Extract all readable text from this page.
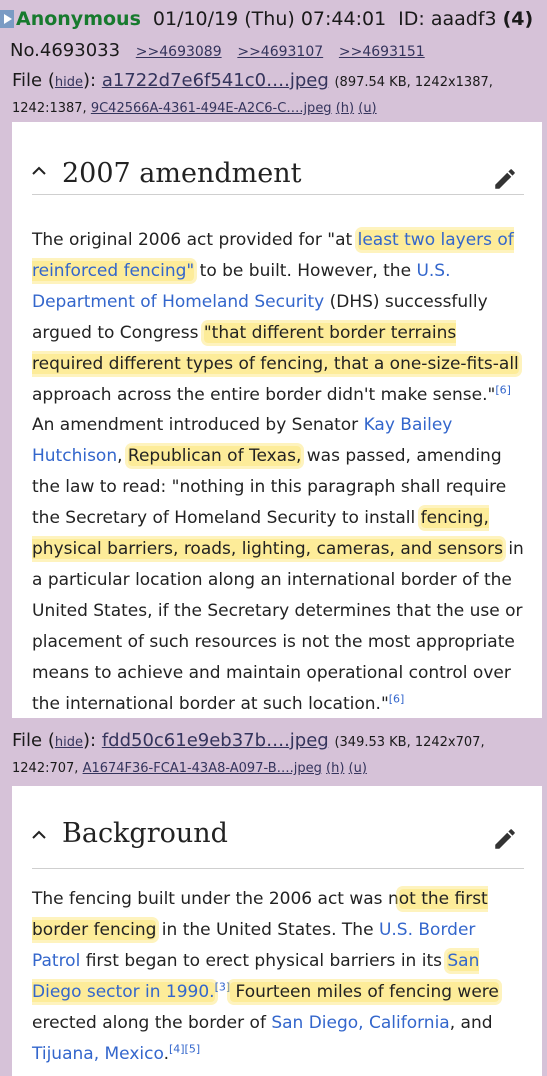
Anonymous 01/10/19 (Thu) 07:44:01 ID: aaadf3 (4)
No.4693033 >>4693089 >>4693107 >>4693151
File (hide): a1722d7e6f541c0….jpeg (897.54 KB, 1242x1387,
1242:1387, 9C42566A-4361-494E-A2C6-C….jpeg (h) (u)
2007 amendment

The original 2006 act provided for "at least two layers of reinforced fencing" to be built. However, the U.S. Department of Homeland Security (DHS) successfully argued to Congress "that different border terrains required different types of fencing, that a one-size-fits-all approach across the entire border didn't make sense."[6] An amendment introduced by Senator Kay Bailey Hutchison, Republican of Texas, was passed, amending the law to read: "nothing in this paragraph shall require the Secretary of Homeland Security to install fencing, physical barriers, roads, lighting, cameras, and sensors in a particular location along an international border of the United States, if the Secretary determines that the use or placement of such resources is not the most appropriate means to achieve and maintain operational control over the international border at such location."[6]

File (hide): fdd50c61e9eb37b….jpeg (349.53 KB, 1242x707,
1242:707, A1674F36-FCA1-43A8-A097-B….jpeg (h) (u)
Background

The fencing built under the 2006 act was not the first border fencing in the United States. The U.S. Border Patrol first began to erect physical barriers in its San Diego sector in 1990.[3] Fourteen miles of fencing were erected along the border of San Diego, California, and Tijuana, Mexico.[4][5]
